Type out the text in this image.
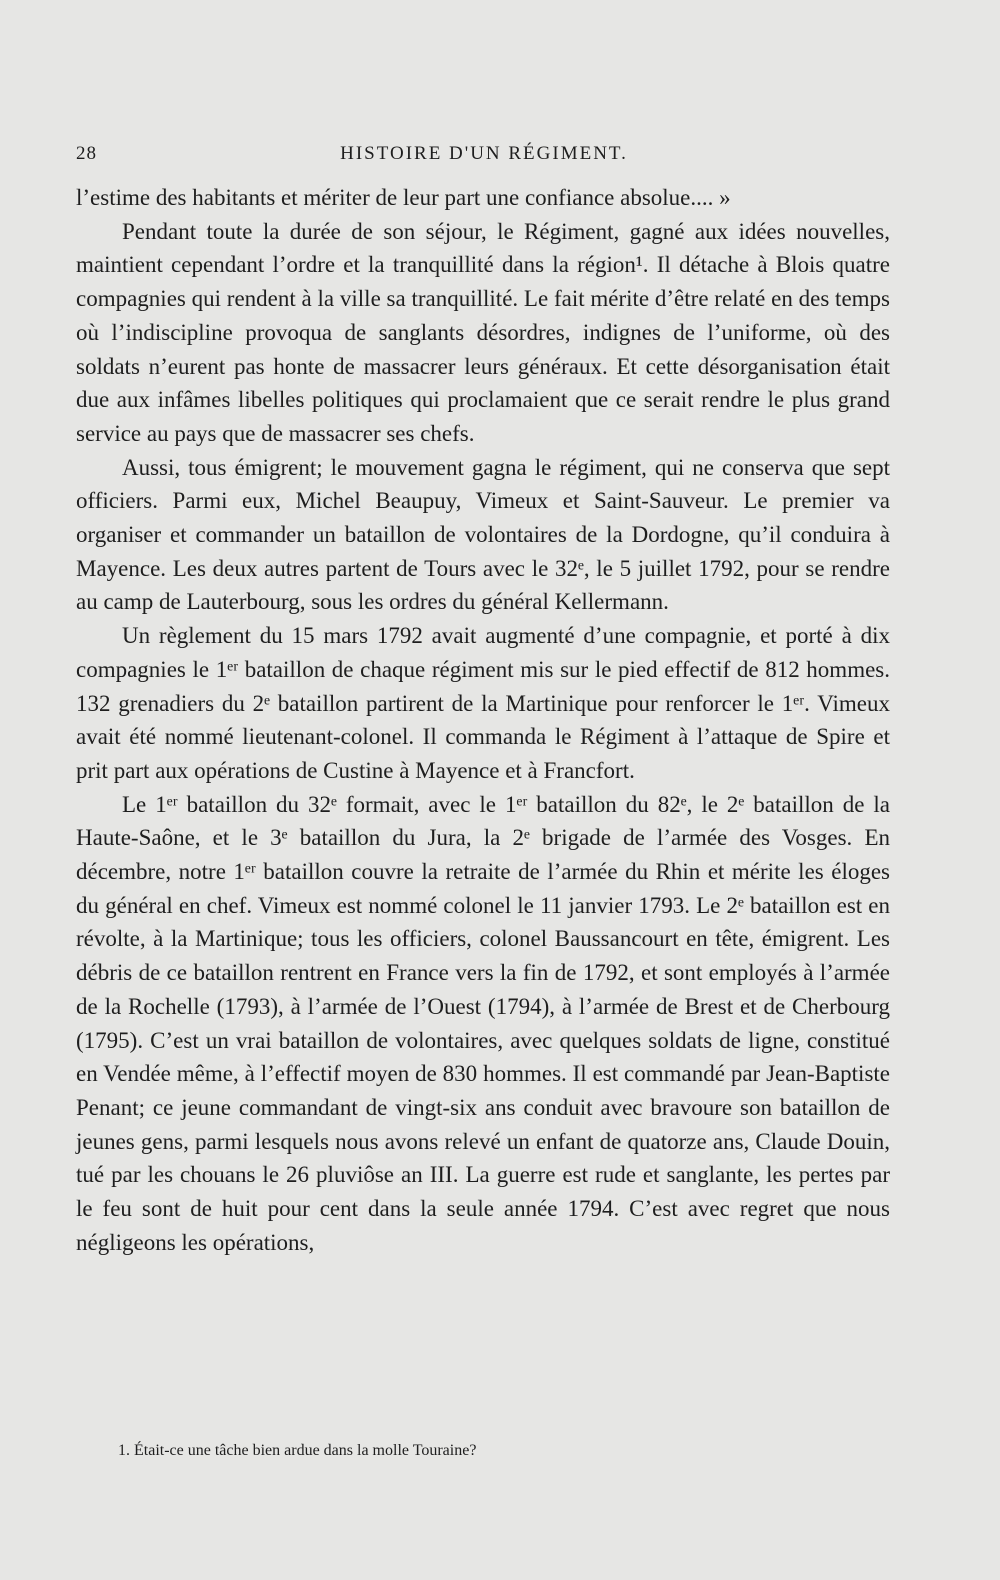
28	HISTOIRE D'UN RÉGIMENT.

l’estime des habitants et mériter de leur part une confiance absolue.... »

Pendant toute la durée de son séjour, le Régiment, gagné aux idées nouvelles, maintient cependant l’ordre et la tranquillité dans la région¹. Il détache à Blois quatre compagnies qui rendent à la ville sa tranquillité. Le fait mérite d’être relaté en des temps où l’indiscipline provoqua de sanglants désordres, indignes de l’uniforme, où des soldats n’eurent pas honte de massacrer leurs généraux. Et cette désorganisation était due aux infâmes libelles politiques qui proclamaient que ce serait rendre le plus grand service au pays que de massacrer ses chefs.

Aussi, tous émigrent; le mouvement gagna le régiment, qui ne conserva que sept officiers. Parmi eux, Michel Beaupuy, Vimeux et Saint-Sauveur. Le premier va organiser et commander un bataillon de volontaires de la Dordogne, qu’il conduira à Mayence. Les deux autres partent de Tours avec le 32ᵉ, le 5 juillet 1792, pour se rendre au camp de Lauterbourg, sous les ordres du général Kellermann.

Un règlement du 15 mars 1792 avait augmenté d’une compagnie, et porté à dix compagnies le 1ᵉʳ bataillon de chaque régiment mis sur le pied effectif de 812 hommes. 132 grenadiers du 2ᵉ bataillon partirent de la Martinique pour renforcer le 1ᵉʳ. Vimeux avait été nommé lieutenant-colonel. Il commanda le Régiment à l’attaque de Spire et prit part aux opérations de Custine à Mayence et à Francfort.

Le 1ᵉʳ bataillon du 32ᵉ formait, avec le 1ᵉʳ bataillon du 82ᵉ, le 2ᵉ bataillon de la Haute-Saône, et le 3ᵉ bataillon du Jura, la 2ᵉ brigade de l’armée des Vosges. En décembre, notre 1ᵉʳ bataillon couvre la retraite de l’armée du Rhin et mérite les éloges du général en chef. Vimeux est nommé colonel le 11 janvier 1793. Le 2ᵉ bataillon est en révolte, à la Martinique; tous les officiers, colonel Baussancourt en tête, émigrent. Les débris de ce bataillon rentrent en France vers la fin de 1792, et sont employés à l’armée de la Rochelle (1793), à l’armée de l’Ouest (1794), à l’armée de Brest et de Cherbourg (1795). C’est un vrai bataillon de volontaires, avec quelques soldats de ligne, constitué en Vendée même, à l’effectif moyen de 830 hommes. Il est commandé par Jean-Baptiste Penant; ce jeune commandant de vingt-six ans conduit avec bravoure son bataillon de jeunes gens, parmi lesquels nous avons relevé un enfant de quatorze ans, Claude Douin, tué par les chouans le 26 pluviôse an III. La guerre est rude et sanglante, les pertes par le feu sont de huit pour cent dans la seule année 1794. C’est avec regret que nous négligeons les opérations,

1. Était-ce une tâche bien ardue dans la molle Touraine?
